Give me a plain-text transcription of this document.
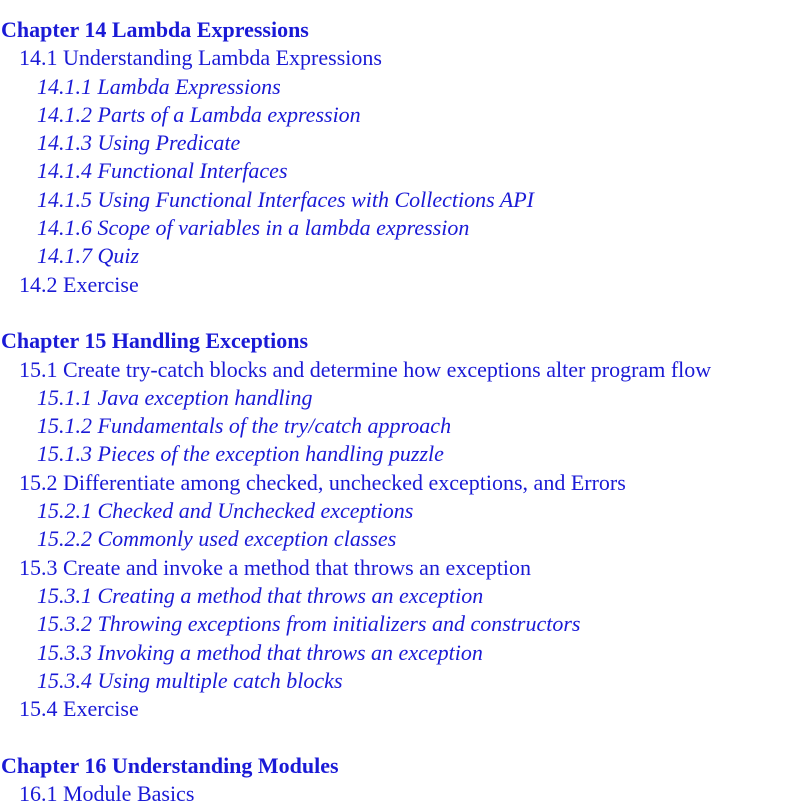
Chapter 14 Lambda Expressions
14.1 Understanding Lambda Expressions
14.1.1 Lambda Expressions
14.1.2 Parts of a Lambda expression
14.1.3 Using Predicate
14.1.4 Functional Interfaces
14.1.5 Using Functional Interfaces with Collections API
14.1.6 Scope of variables in a lambda expression
14.1.7 Quiz
14.2 Exercise
Chapter 15 Handling Exceptions
15.1 Create try-catch blocks and determine how exceptions alter program flow
15.1.1 Java exception handling
15.1.2 Fundamentals of the try/catch approach
15.1.3 Pieces of the exception handling puzzle
15.2 Differentiate among checked, unchecked exceptions, and Errors
15.2.1 Checked and Unchecked exceptions
15.2.2 Commonly used exception classes
15.3 Create and invoke a method that throws an exception
15.3.1 Creating a method that throws an exception
15.3.2 Throwing exceptions from initializers and constructors
15.3.3 Invoking a method that throws an exception
15.3.4 Using multiple catch blocks
15.4 Exercise
Chapter 16 Understanding Modules
16.1 Module Basics
